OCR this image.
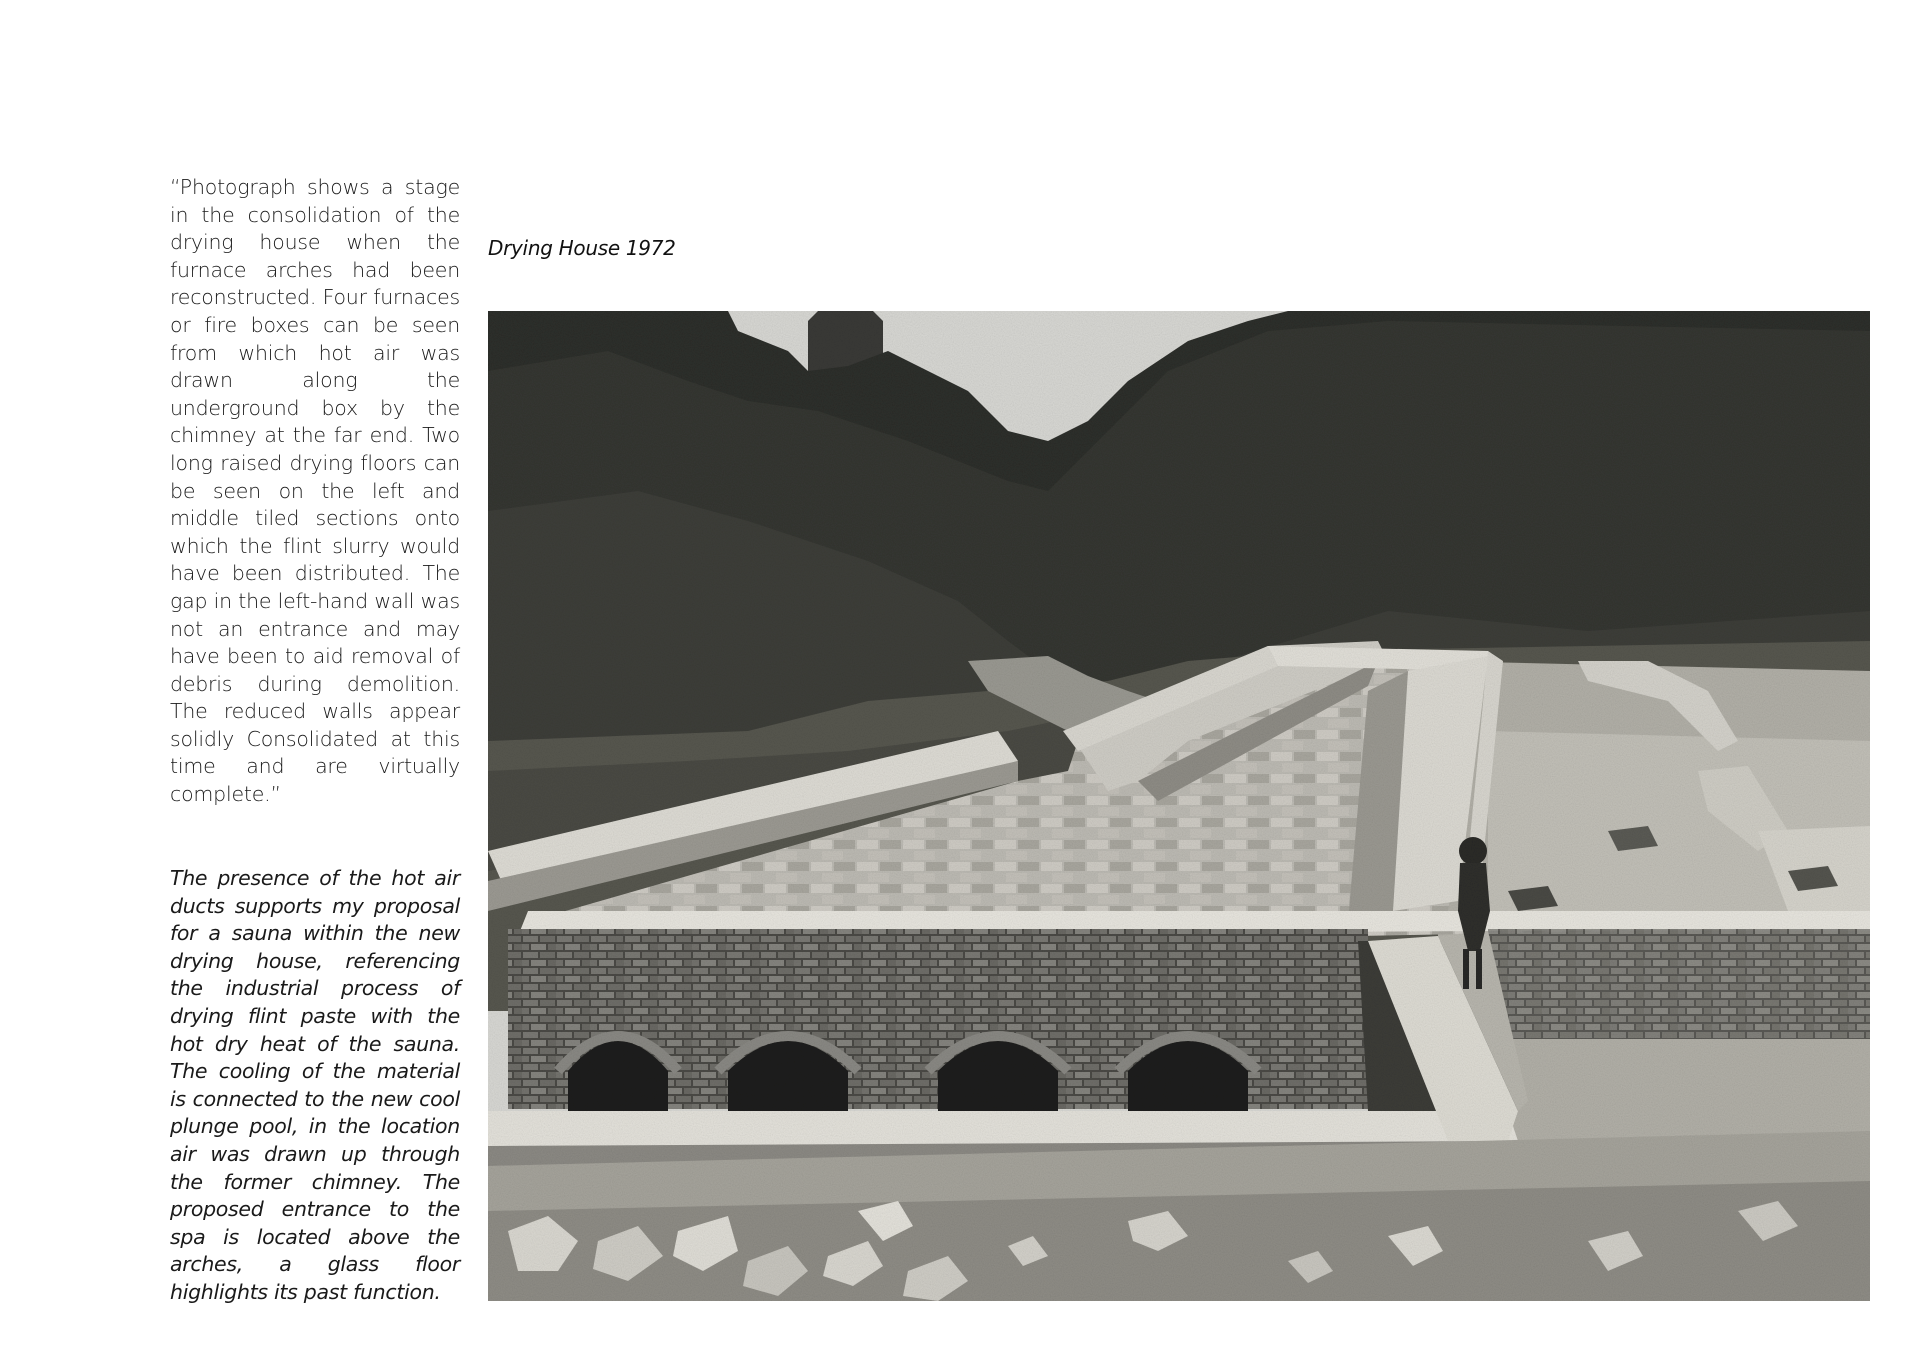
“Photograph shows a stage in the consolidation of the drying house when the furnace arches had been reconstructed. Four furnaces or fire boxes can be seen from which hot air was drawn along the underground box by the chimney at the far end. Two long raised drying floors can be seen on the left and middle tiled sections onto which the flint slurry would have been distributed. The gap in the left-hand wall was not an entrance and may have been to aid removal of debris during demolition. The reduced walls appear solidly Consolidated at this time and are virtually complete.”
The presence of the hot air ducts supports my proposal for a sauna within the new drying house, referencing the industrial process of drying flint paste with the hot dry heat of the sauna. The cooling of the material is connected to the new cool plunge pool, in the location air was drawn up through the former chimney. The proposed entrance to the spa is located above the arches, a glass floor highlights its past function.
Drying House 1972
